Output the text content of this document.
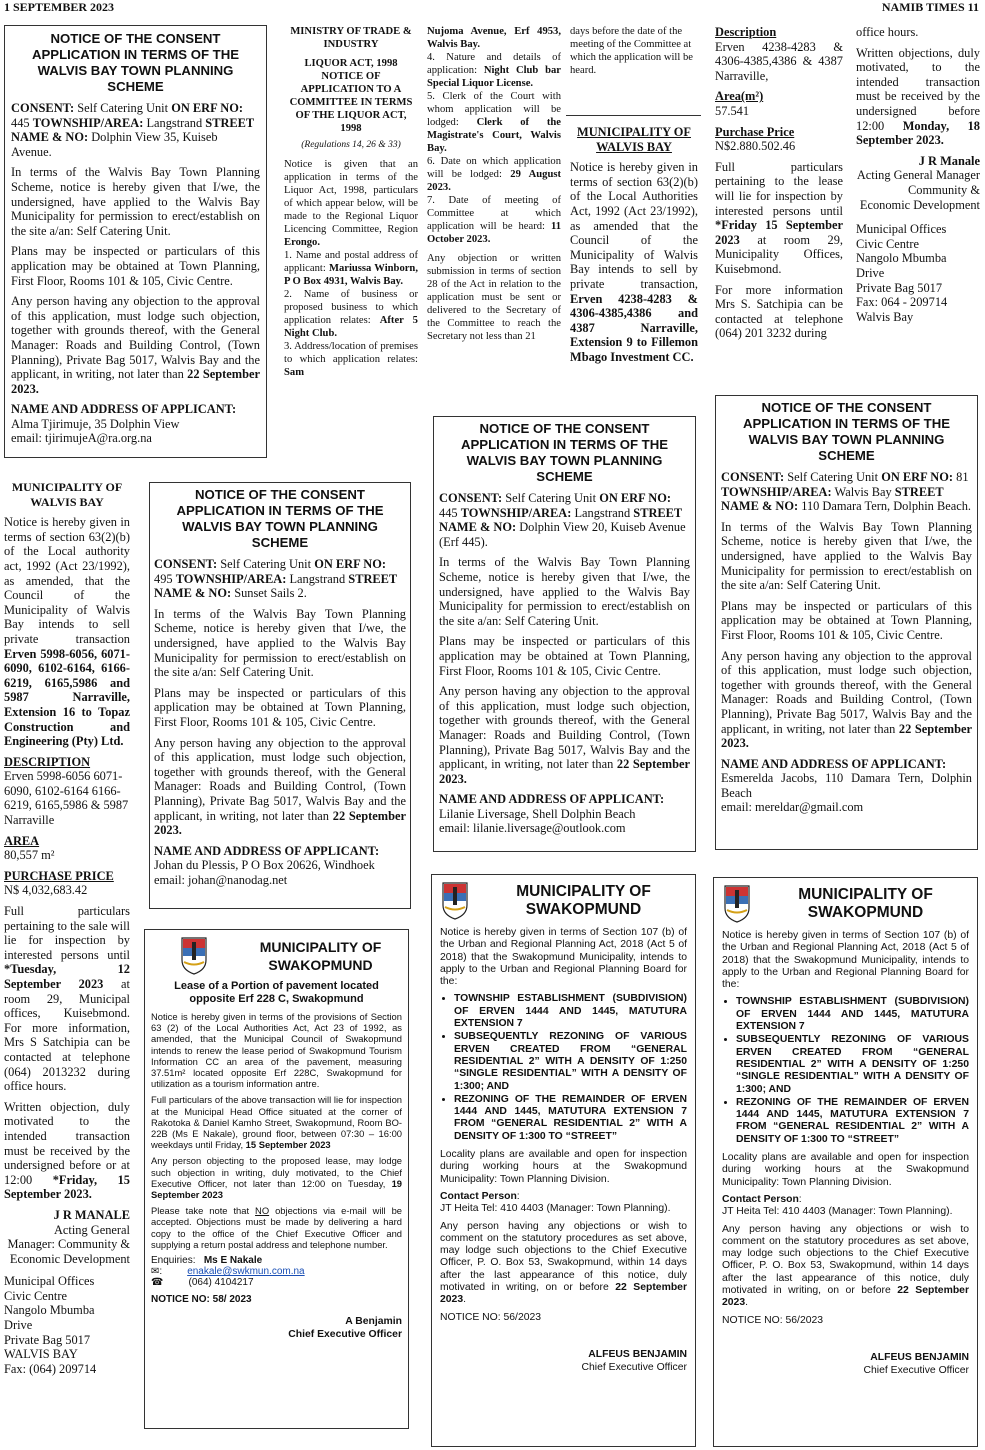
1 SEPTEMBER 2023	NAMIB TIMES 11
NOTICE OF THE CONSENT APPLICATION IN TERMS OF THE WALVIS BAY TOWN PLANNING SCHEME

CONSENT: Self Catering Unit ON ERF NO: 445 TOWNSHIP/AREA: Langstrand STREET NAME & NO: Dolphin View 35, Kuiseb Avenue.

In terms of the Walvis Bay Town Planning Scheme, notice is hereby given that I/we, the undersigned, have applied to the Walvis Bay Municipality for permission to erect/establish on the site a/an: Self Catering Unit.

Plans may be inspected or particulars of this application may be obtained at Town Planning, First Floor, Rooms 101 & 105, Civic Centre.

Any person having any objection to the approval of this application, must lodge such objection, together with grounds thereof, with the General Manager: Roads and Building Control, (Town Planning), Private Bag 5017, Walvis Bay and the applicant, in writing, not later than 22 September 2023.

NAME AND ADDRESS OF APPLICANT:

Alma Tjirimuje, 35 Dolphin View
email: tjirimujeA@ra.org.na
MINISTRY OF TRADE & INDUSTRY
LIQUOR ACT, 1998 NOTICE OF APPLICATION TO A COMMITTEE IN TERMS OF THE LIQUOR ACT, 1998
(Regulations 14, 26 & 33)
Notice is given that an application in terms of the Liquor Act, 1998, particulars of which appear below, will be made to the Regional Liquor Licencing Committee, Region Erongo.
1. Name and postal address of applicant: Mariussa Winborn, P O Box 4931, Walvis Bay.
2. Name of business or proposed business to which application relates: After 5 Night Club.
3. Address/location of premises to which application relates: Sam
Nujoma Avenue, Erf 4953, Walvis Bay.
4. Nature and details of application: Night Club bar Special Liquor License.
5. Clerk of the Court with whom application will be lodged: Clerk of the Magistrate's Court, Walvis Bay.
6. Date on which application will be lodged: 29 August 2023.
7. Date of meeting of Committee at which application will be heard: 11 October 2023.
Any objection or written submission in terms of section 28 of the Act in relation to the application must be sent or delivered to the Secretary of the Committee to reach the Secretary not less than 21
days before the date of the meeting of the Committee at which the application will be heard.
MUNICIPALITY OF WALVIS BAY
Notice is hereby given in terms of section 63(2)(b) of the Local Authorities Act, 1992 (Act 23/1992), as amended that the Council of the Municipality of Walvis Bay intends to sell by private transaction, Erven 4238-4283 & 4306-4385,4386 and 4387 Narraville, Extension 9 to Fillemon Mbago Investment CC.
Description
Erven 4238-4283 & 4306-4385,4386 & 4387 Narraville,
Area(m²)
57.541
Purchase Price
N$2.880.502.46
Full particulars pertaining to the lease will lie for inspection by interested persons until *Friday 15 September 2023 at room 29, Municipality Offices, Kuisebmond.
For more information Mrs S. Satchipia can be contacted at telephone (064) 201 3232 during
office hours.
Written objections, duly motivated, to the intended transaction must be received by the undersigned before 12:00 Monday, 18 September 2023.
J R Manale
Acting General Manager Community & Economic Development
Municipal Offices
Civic Centre
Nangolo Mbumba
Drive
Private Bag 5017
Fax: 064 - 209714
Walvis Bay
MUNICIPALITY OF WALVIS BAY
Notice is hereby given in terms of section 63(2)(b) of the Local authority act, 1992 (Act 23/1992), as amended, that the Council of the Municipality of Walvis Bay intends to sell private transaction Erven 5998-6056, 6071-6090, 6102-6164, 6166-6219, 6165,5986 and 5987 Narraville, Extension 16 to Topaz Construction and Engineering (Pty) Ltd.
DESCRIPTION
Erven 5998-6056 6071-6090, 6102-6164 6166-6219, 6165,5986 & 5987 Narraville
AREA
80,557 m²
PURCHASE PRICE
N$ 4,032,683.42
Full particulars pertaining to the sale will lie for inspection by interested persons until *Tuesday, 12 September 2023 at room 29, Municipal offices, Kuisebmond. For more information, Mrs S Satchipia can be contacted at telephone (064) 2013232 during office hours.
Written objection, duly motivated to the intended transaction must be received by the undersigned before or at 12:00 *Friday, 15 September 2023.
J R MANALE
Acting General Manager: Community & Economic Development
Municipal Offices
Civic Centre
Nangolo Mbumba
Drive
Private Bag 5017
WALVIS BAY
Fax: (064) 209714
NOTICE OF THE CONSENT APPLICATION IN TERMS OF THE WALVIS BAY TOWN PLANNING SCHEME

CONSENT: Self Catering Unit ON ERF NO: 495 TOWNSHIP/AREA: Langstrand STREET NAME & NO: Sunset Sails 2.

In terms of the Walvis Bay Town Planning Scheme, notice is hereby given that I/we, the undersigned, have applied to the Walvis Bay Municipality for permission to erect/establish on the site a/an: Self Catering Unit.

Plans may be inspected or particulars of this application may be obtained at Town Planning, First Floor, Rooms 101 & 105, Civic Centre.

Any person having any objection to the approval of this application, must lodge such objection, together with grounds thereof, with the General Manager: Roads and Building Control, (Town Planning), Private Bag 5017, Walvis Bay and the applicant, in writing, not later than 22 September 2023.

NAME AND ADDRESS OF APPLICANT:

Johan du Plessis, P O Box 20626, Windhoek
email: johan@nanodag.net
NOTICE OF THE CONSENT APPLICATION IN TERMS OF THE WALVIS BAY TOWN PLANNING SCHEME

CONSENT: Self Catering Unit ON ERF NO: 445 TOWNSHIP/AREA: Langstrand STREET NAME & NO: Dolphin View 20, Kuiseb Avenue (Erf 445).

In terms of the Walvis Bay Town Planning Scheme, notice is hereby given that I/we, the undersigned, have applied to the Walvis Bay Municipality for permission to erect/establish on the site a/an: Self Catering Unit.

Plans may be inspected or particulars of this application may be obtained at Town Planning, First Floor, Rooms 101 & 105, Civic Centre.

Any person having any objection to the approval of this application, must lodge such objection, together with grounds thereof, with the General Manager: Roads and Building Control, (Town Planning), Private Bag 5017, Walvis Bay and the applicant, in writing, not later than 22 September 2023.

NAME AND ADDRESS OF APPLICANT:

Lilanie Liversage, Shell Dolphin Beach
email: lilanie.liversage@outlook.com
NOTICE OF THE CONSENT APPLICATION IN TERMS OF THE WALVIS BAY TOWN PLANNING SCHEME

CONSENT: Self Catering Unit ON ERF NO: 81 TOWNSHIP/AREA: Walvis Bay STREET NAME & NO: 110 Damara Tern, Dolphin Beach.

In terms of the Walvis Bay Town Planning Scheme, notice is hereby given that I/we, the undersigned, have applied to the Walvis Bay Municipality for permission to erect/establish on the site a/an: Self Catering Unit.

Plans may be inspected or particulars of this application may be obtained at Town Planning, First Floor, Rooms 101 & 105, Civic Centre.

Any person having any objection to the approval of this application, must lodge such objection, together with grounds thereof, with the General Manager: Roads and Building Control, (Town Planning), Private Bag 5017, Walvis Bay and the applicant, in writing, not later than 22 September 2023.

NAME AND ADDRESS OF APPLICANT:

Esmerelda Jacobs, 110 Damara Tern, Dolphin Beach
email: mereldar@gmail.com
MUNICIPALITY OF SWAKOPMUND
Lease of a Portion of pavement located opposite Erf 228 C, Swakopmund

Notice is hereby given in terms of the provisions of Section 63 (2) of the Local Authorities Act, Act 23 of 1992, as amended, that the Municipal Council of Swakopmund intends to renew the lease period of Swakopmund Tourism Information CC an area of the pavement, measuring 37.51m² located opposite Erf 228C, Swakopmund for utilization as a tourism information antre.

Full particulars of the above transaction will lie for inspection at the Municipal Head Office situated at the corner of Rakotoka & Daniel Kamho Street, Swakopmund, Room BO-22B (Ms E Nakale), ground floor, between 07:30 – 16:00 weekdays until Friday, 15 September 2023

Any person objecting to the proposed lease, may lodge such objection in writing, duly motivated, to the Chief Executive Officer, not later than 12:00 on Tuesday, 19 September 2023

Please take note that NO objections via e-mail will be accepted. Objections must be made by delivering a hard copy to the office of the Chief Executive Officer and supplying a return postal address and telephone number.

Enquiries: Ms E Nakale
✉:         enakale@swkmun.com.na
☎	(064) 4104217
NOTICE NO: 58/ 2023
A Benjamin
Chief Executive Officer
MUNICIPALITY OF SWAKOPMUND

Notice is hereby given in terms of Section 107 (b) of the Urban and Regional Planning Act, 2018 (Act 5 of 2018) that the Swakopmund Municipality, intends to apply to the Urban and Regional Planning Board for the:

• TOWNSHIP ESTABLISHMENT (SUBDIVISION) OF ERVEN 1444 AND 1445, MATUTURA EXTENSION 7
• SUBSEQUENTLY REZONING OF VARIOUS ERVEN CREATED FROM “GENERAL RESIDENTIAL 2” WITH A DENSITY OF 1:250 “SINGLE RESIDENTIAL” WITH A DENSITY OF 1:300; AND
• REZONING OF THE REMAINDER OF ERVEN 1444 AND 1445, MATUTURA EXTENSION 7 FROM “GENERAL RESIDENTIAL 2” WITH A DENSITY OF 1:300 TO “STREET”

Locality plans are available and open for inspection during working hours at the Swakopmund Municipality: Town Planning Division.

Contact Person:

JT Heita Tel: 410 4403 (Manager: Town Planning).

Any person having any objections or wish to comment on the statutory procedures as set above, may lodge such objections to the Chief Executive Officer, P. O. Box 53, Swakopmund, within 14 days after the last appearance of this notice, duly motivated in writing, on or before 22 September 2023.

NOTICE NO: 56/2023

ALFEUS BENJAMIN
Chief Executive Officer
MUNICIPALITY OF SWAKOPMUND

Notice is hereby given in terms of Section 107 (b) of the Urban and Regional Planning Act, 2018 (Act 5 of 2018) that the Swakopmund Municipality, intends to apply to the Urban and Regional Planning Board for the:

• TOWNSHIP ESTABLISHMENT (SUBDIVISION) OF ERVEN 1444 AND 1445, MATUTURA EXTENSION 7
• SUBSEQUENTLY REZONING OF VARIOUS ERVEN CREATED FROM “GENERAL RESIDENTIAL 2” WITH A DENSITY OF 1:250 “SINGLE RESIDENTIAL” WITH A DENSITY OF 1:300; AND
• REZONING OF THE REMAINDER OF ERVEN 1444 AND 1445, MATUTURA EXTENSION 7 FROM “GENERAL RESIDENTIAL 2” WITH A DENSITY OF 1:300 TO “STREET”

Locality plans are available and open for inspection during working hours at the Swakopmund Municipality: Town Planning Division.

Contact Person:

JT Heita Tel: 410 4403 (Manager: Town Planning).

Any person having any objections or wish to comment on the statutory procedures as set above, may lodge such objections to the Chief Executive Officer, P. O. Box 53, Swakopmund, within 14 days after the last appearance of this notice, duly motivated in writing, on or before 22 September 2023.

NOTICE NO: 56/2023

ALFEUS BENJAMIN
Chief Executive Officer
